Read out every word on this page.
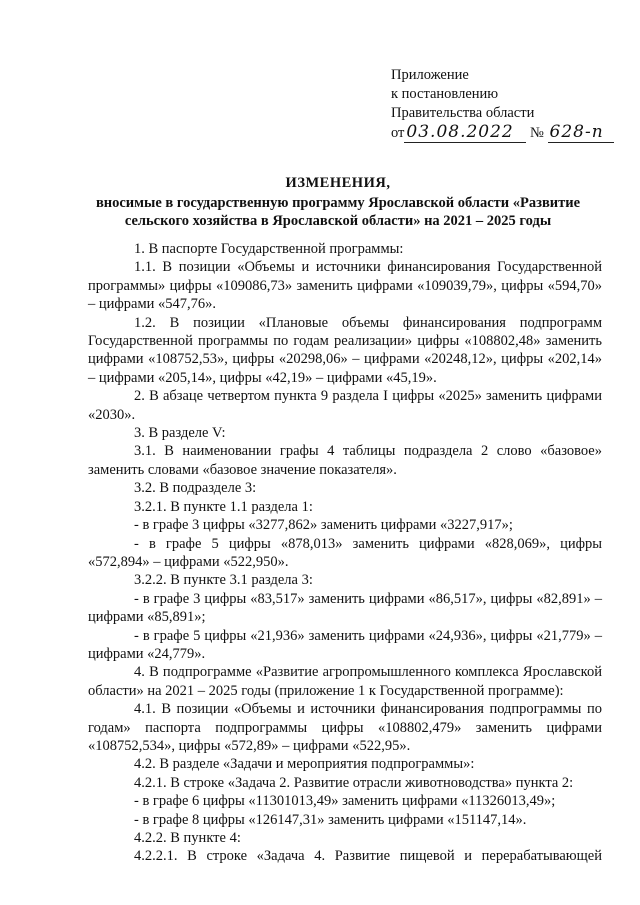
Приложение
к постановлению
Правительства области
от 03.08.2022 № 628-п
ИЗМЕНЕНИЯ,
вносимые в государственную программу Ярославской области «Развитие сельского хозяйства в Ярославской области» на 2021 – 2025 годы

1. В паспорте Государственной программы:

1.1. В позиции «Объемы и источники финансирования Государственной программы» цифры «109086,73» заменить цифрами «109039,79», цифры «594,70» – цифрами «547,76».

1.2. В позиции «Плановые объемы финансирования подпрограмм Государственной программы по годам реализации» цифры «108802,48» заменить цифрами «108752,53», цифры «20298,06» – цифрами «20248,12», цифры «202,14» – цифрами «205,14», цифры «42,19» – цифрами «45,19».

2. В абзаце четвертом пункта 9 раздела I цифры «2025» заменить цифрами «2030».

3. В разделе V:

3.1. В наименовании графы 4 таблицы подраздела 2 слово «базовое» заменить словами «базовое значение показателя».

3.2. В подразделе 3:

3.2.1. В пункте 1.1 раздела 1:

- в графе 3 цифры «3277,862» заменить цифрами «3227,917»;

- в графе 5 цифры «878,013» заменить цифрами «828,069», цифры «572,894» – цифрами «522,950».

3.2.2. В пункте 3.1 раздела 3:

- в графе 3 цифры «83,517» заменить цифрами «86,517», цифры «82,891» – цифрами «85,891»;

- в графе 5 цифры «21,936» заменить цифрами «24,936», цифры «21,779» – цифрами «24,779».

4. В подпрограмме «Развитие агропромышленного комплекса Ярославской области» на 2021 – 2025 годы (приложение 1 к Государственной программе):

4.1. В позиции «Объемы и источники финансирования подпрограммы по годам» паспорта подпрограммы цифры «108802,479» заменить цифрами «108752,534», цифры «572,89» – цифрами «522,95».

4.2. В разделе «Задачи и мероприятия подпрограммы»:

4.2.1. В строке «Задача 2. Развитие отрасли животноводства» пункта 2:

- в графе 6 цифры «11301013,49» заменить цифрами «11326013,49»;

- в графе 8 цифры «126147,31» заменить цифрами «151147,14».

4.2.2. В пункте 4:

4.2.2.1. В строке «Задача 4. Развитие пищевой и перерабатывающей
